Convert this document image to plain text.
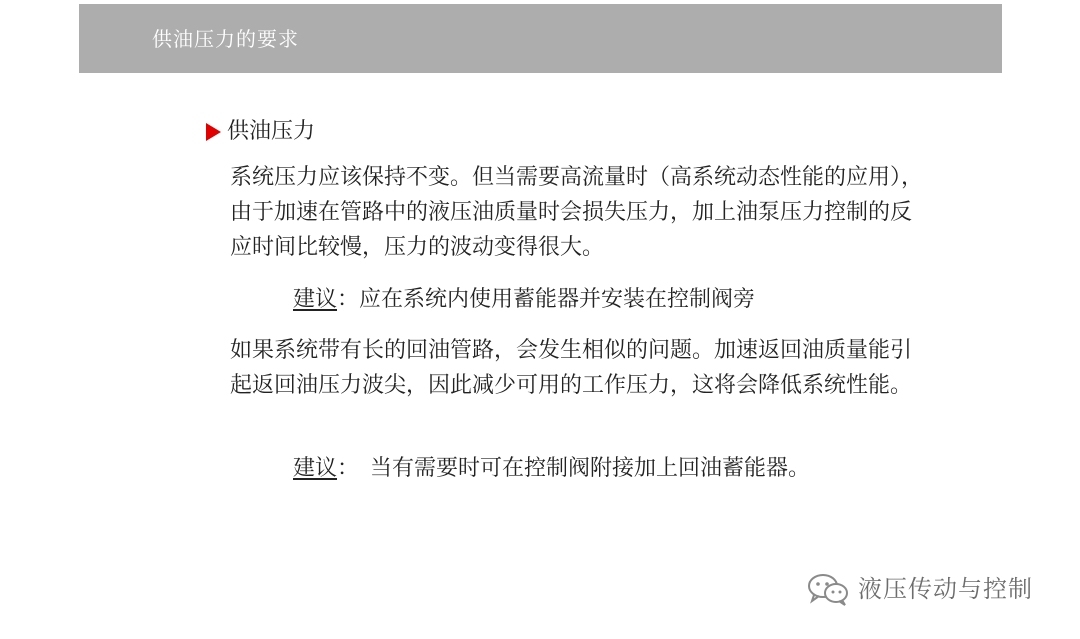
供油压力的要求
供油压力

系统压力应该保持不变。但当需要高流量时（高系统动态性能的应用），由于加速在管路中的液压油质量时会损失压力，加上油泵压力控制的反应时间比较慢，压力的波动变得很大。

建议：应在系统内使用蓄能器并安装在控制阀旁

如果系统带有长的回油管路，会发生相似的问题。加速返回油质量能引起返回油压力波尖，因此减少可用的工作压力，这将会降低系统性能。

建议：　当有需要时可在控制阀附接加上回油蓄能器。
液压传动与控制
